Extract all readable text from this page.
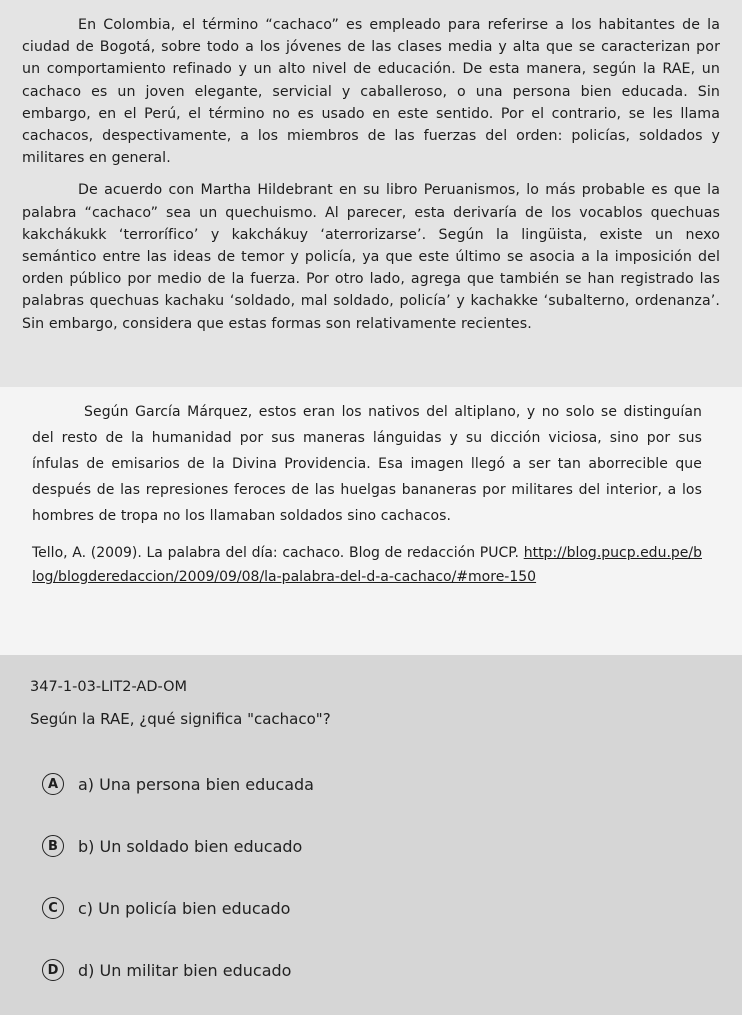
En Colombia, el término “cachaco” es empleado para referirse a los habitantes de la ciudad de Bogotá, sobre todo a los jóvenes de las clases media y alta que se caracterizan por un comportamiento refinado y un alto nivel de educación. De esta manera, según la RAE, un cachaco es un joven elegante, servicial y caballeroso, o una persona bien educada. Sin embargo, en el Perú, el término no es usado en este sentido. Por el contrario, se les llama cachacos, despectivamente, a los miembros de las fuerzas del orden: policías, soldados y militares en general.

De acuerdo con Martha Hildebrant en su libro Peruanismos, lo más probable es que la palabra “cachaco” sea un quechuismo. Al parecer, esta derivaría de los vocablos quechuas kakchákukk ‘terrorífico’ y kakchákuy ‘aterrorizarse’. Según la lingüista, existe un nexo semántico entre las ideas de temor y policía, ya que este último se asocia a la imposición del orden público por medio de la fuerza. Por otro lado, agrega que también se han registrado las palabras quechuas kachaku ‘soldado, mal soldado, policía’ y kachakke ‘subalterno, ordenanza’. Sin embargo, considera que estas formas son relativamente recientes.

Según García Márquez, estos eran los nativos del altiplano, y no solo se distinguían del resto de la humanidad por sus maneras lánguidas y su dicción viciosa, sino por sus ínfulas de emisarios de la Divina Providencia. Esa imagen llegó a ser tan aborrecible que después de las represiones feroces de las huelgas bananeras por militares del interior, a los hombres de tropa no los llamaban soldados sino cachacos.

Tello, A. (2009). La palabra del día: cachaco. Blog de redacción PUCP. http://blog.pucp.edu.pe/blog/blogderedaccion/2009/09/08/la-palabra-del-d-a-cachaco/#more-150

347-1-03-LIT2-AD-OM
Según la RAE, ¿qué significa "cachaco"?
A	a) Una persona bien educada
B	b) Un soldado bien educado
C	c) Un policía bien educado
D	d) Un militar bien educado
